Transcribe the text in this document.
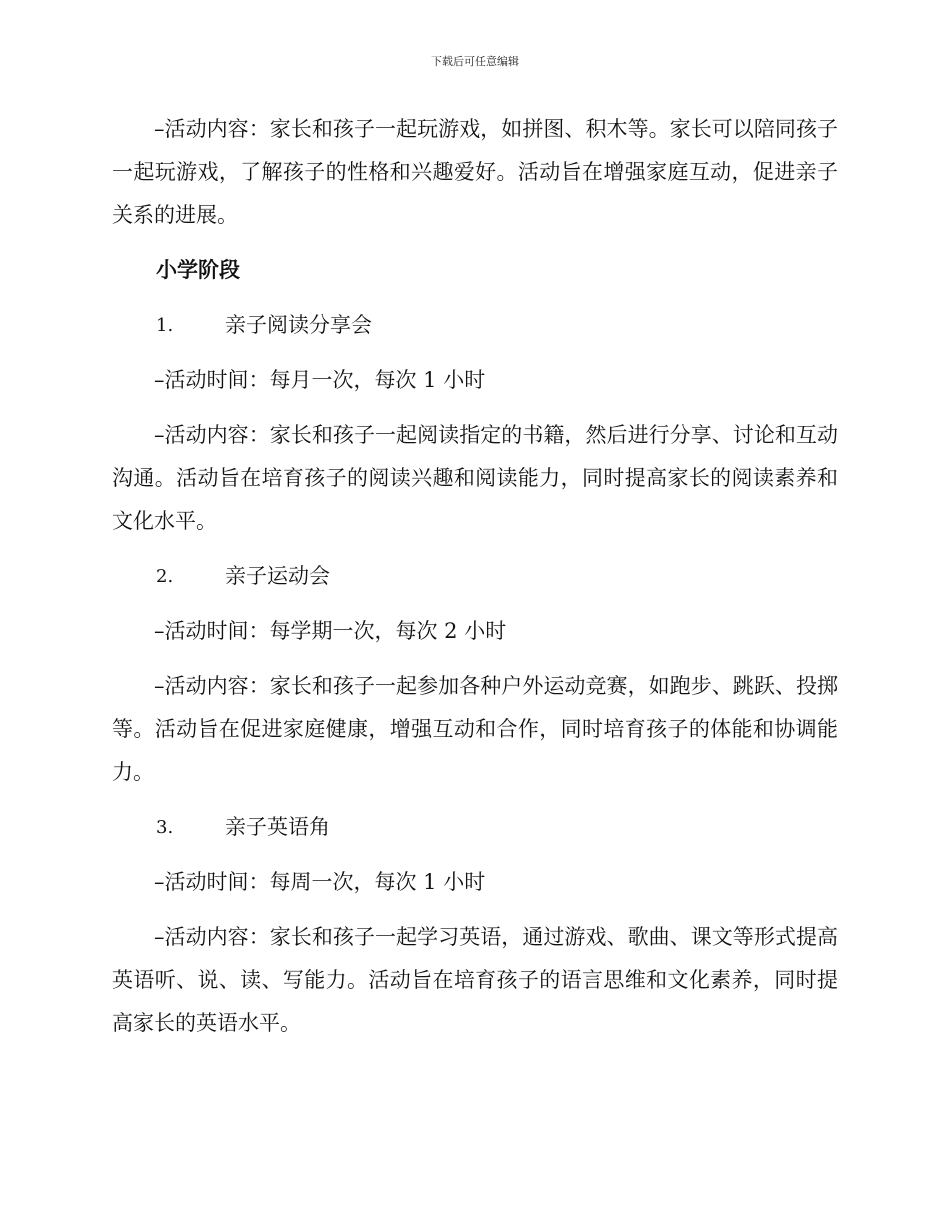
下载后可任意编辑

–活动内容：家长和孩子一起玩游戏，如拼图、积木等。家长可以陪同孩子一起玩游戏，了解孩子的性格和兴趣爱好。活动旨在增强家庭互动，促进亲子关系的进展。

小学阶段

1.	亲子阅读分享会

–活动时间：每月一次，每次 1 小时

–活动内容：家长和孩子一起阅读指定的书籍，然后进行分享、讨论和互动沟通。活动旨在培育孩子的阅读兴趣和阅读能力，同时提高家长的阅读素养和文化水平。

2.	亲子运动会

–活动时间：每学期一次，每次 2 小时

–活动内容：家长和孩子一起参加各种户外运动竞赛，如跑步、跳跃、投掷等。活动旨在促进家庭健康，增强互动和合作，同时培育孩子的体能和协调能力。

3.	亲子英语角

–活动时间：每周一次，每次 1 小时

–活动内容：家长和孩子一起学习英语，通过游戏、歌曲、课文等形式提高英语听、说、读、写能力。活动旨在培育孩子的语言思维和文化素养，同时提高家长的英语水平。
